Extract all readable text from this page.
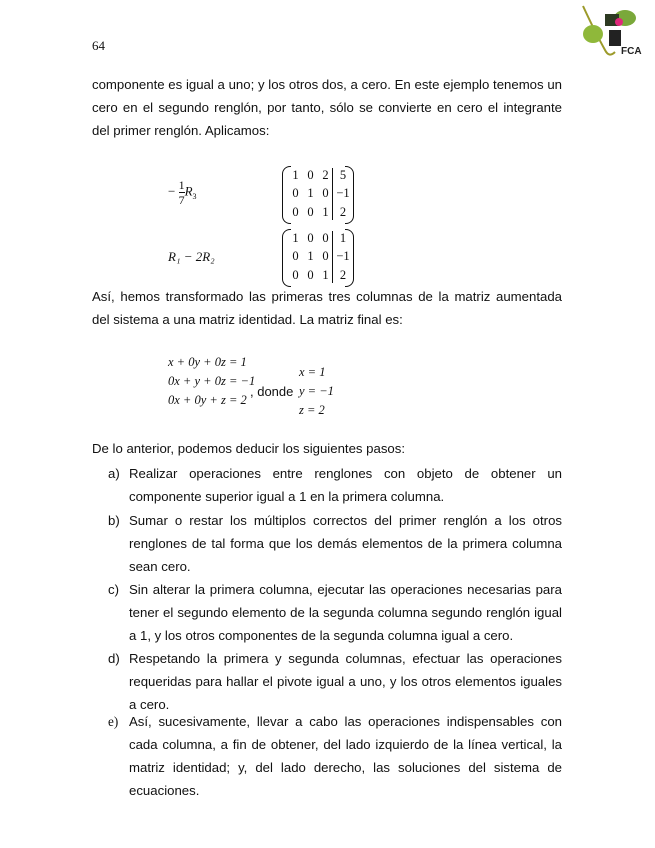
64	FCA
componente es igual a uno; y los otros dos, a cero. En este ejemplo tenemos un cero en el segundo renglón, por tanto, sólo se convierte en cero el integrante del primer renglón. Aplicamos:
− $\frac{1}{7} R_3$
1	0	2	5
0	1	0	−1
0	0	1	2
R₁ − 2R₂
1	0	0	1
0	1	0	−1
0	0	1	2
Así, hemos transformado las primeras tres columnas de la matriz aumentada del sistema a una matriz identidad. La matriz final es:
x + 0y + 0z = 1
0x + y + 0z = −1
0x + 0y + z = 2
, donde
x = 1
y = −1
z = 2
De lo anterior, podemos deducir los siguientes pasos:
a) Realizar operaciones entre renglones con objeto de obtener un componente superior igual a 1 en la primera columna.
b) Sumar o restar los múltiplos correctos del primer renglón a los otros renglones de tal forma que los demás elementos de la primera columna sean cero.
c) Sin alterar la primera columna, ejecutar las operaciones necesarias para tener el segundo elemento de la segunda columna segundo renglón igual a 1, y los otros componentes de la segunda columna igual a cero.
d) Respetando la primera y segunda columnas, efectuar las operaciones requeridas para hallar el pivote igual a uno, y los otros elementos iguales a cero.
e) Así, sucesivamente, llevar a cabo las operaciones indispensables con cada columna, a fin de obtener, del lado izquierdo de la línea vertical, la matriz identidad; y, del lado derecho, las soluciones del sistema de ecuaciones.
